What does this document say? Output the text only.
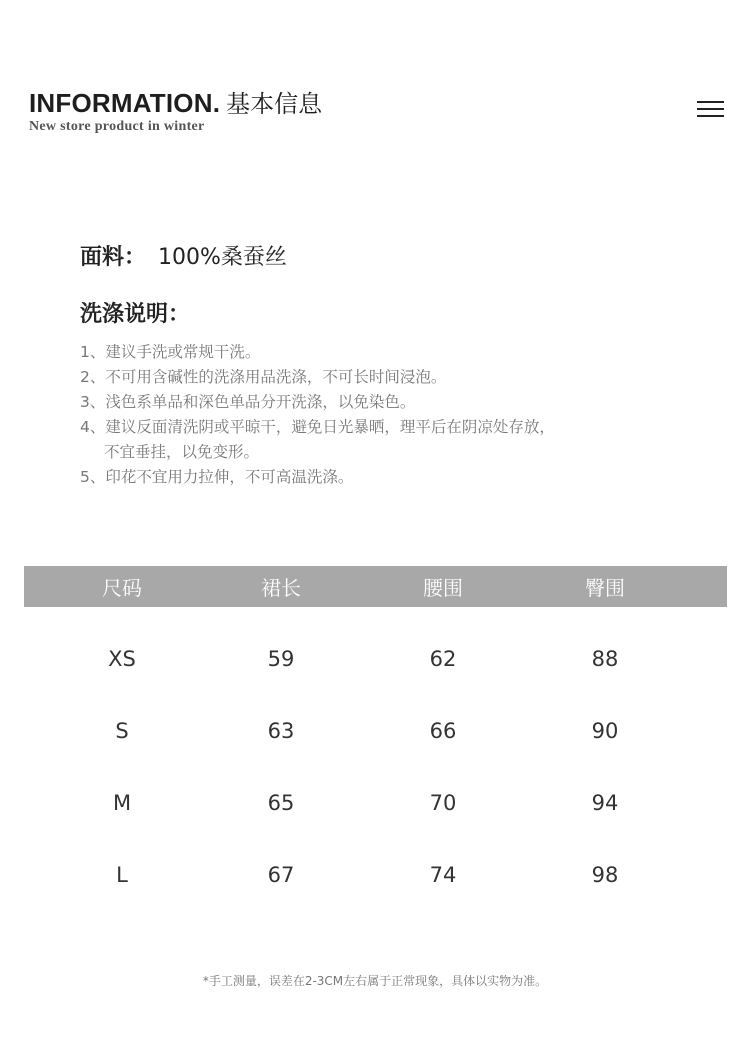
INFORMATION. 基本信息
New store product in winter
面料： 100%桑蚕丝
洗涤说明：
1、建议手洗或常规干洗。
2、不可用含碱性的洗涤用品洗涤，不可长时间浸泡。
3、浅色系单品和深色单品分开洗涤，以免染色。
4、建议反面清洗阴或平晾干，避免日光暴晒，理平后在阴凉处存放，
不宜垂挂，以免变形。
5、印花不宜用力拉伸，不可高温洗涤。
尺码	裙长	腰围	臀围
XS	59	62	88
S	63	66	90
M	65	70	94
L	67	74	98
*手工测量，误差在2-3CM左右属于正常现象，具体以实物为准。
